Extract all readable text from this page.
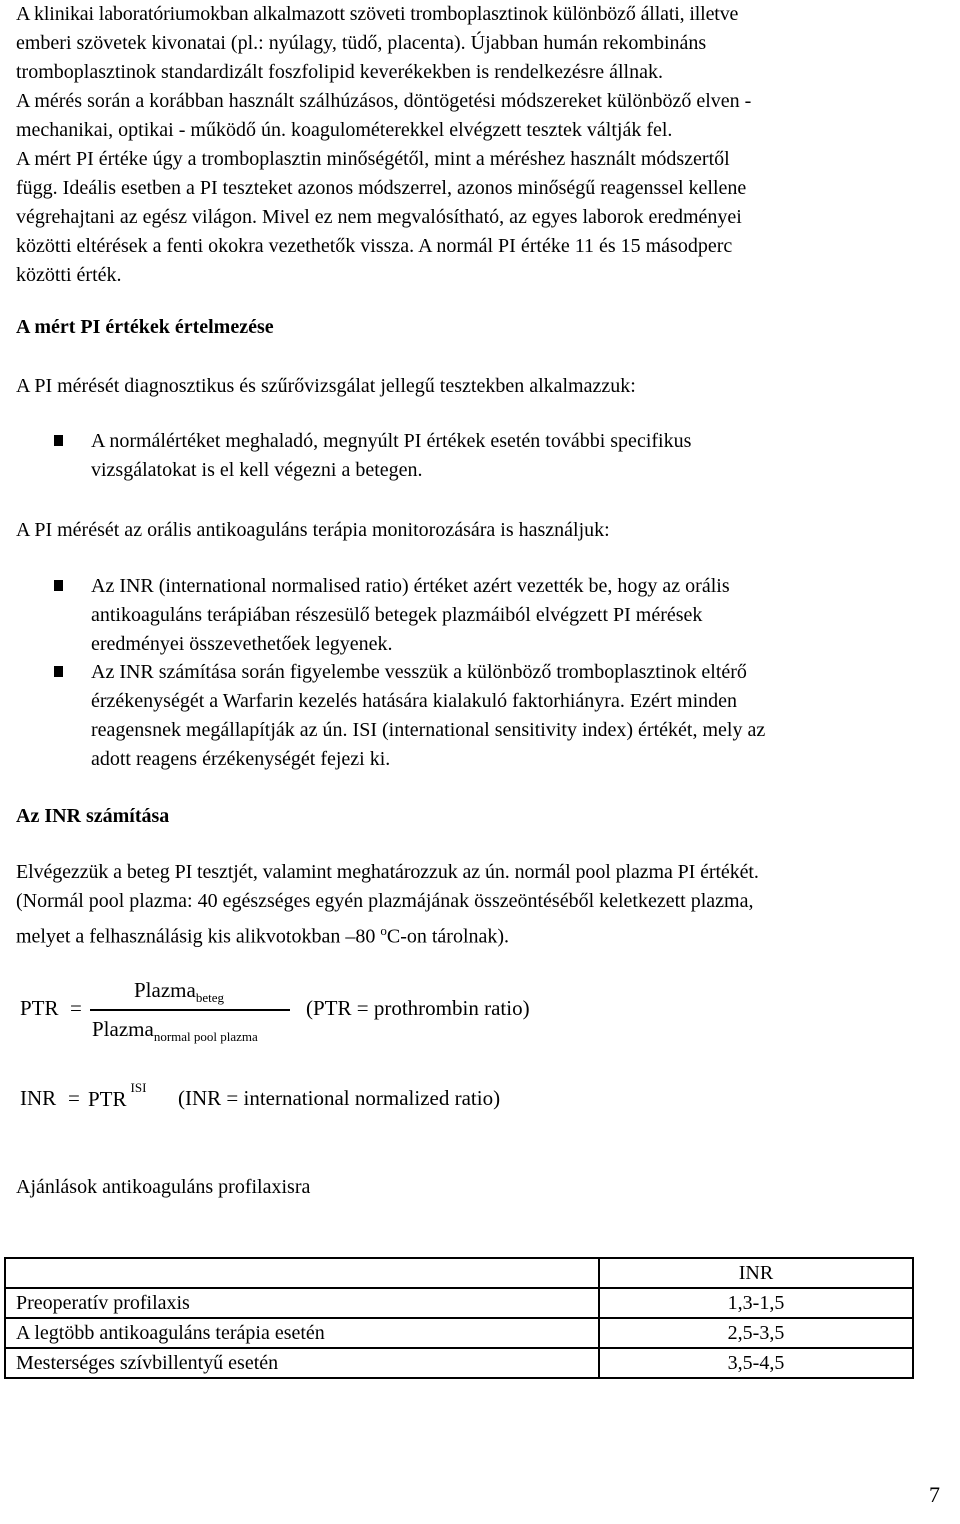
A klinikai laboratóriumokban alkalmazott szöveti tromboplasztinok különböző állati, illetve
emberi szövetek kivonatai (pl.: nyúlagy, tüdő, placenta). Újabban humán rekombináns
tromboplasztinok standardizált foszfolipid keverékekben is rendelkezésre állnak.
A mérés során a korábban használt szálhúzásos, döntögetési módszereket különböző elven -
mechanikai, optikai - működő ún. koagulométerekkel elvégzett tesztek váltják fel.
A mért PI értéke úgy a tromboplasztin minőségétől, mint a méréshez használt módszertől
függ. Ideális esetben a PI teszteket azonos módszerrel, azonos minőségű reagenssel kellene
végrehajtani az egész világon. Mivel ez nem megvalósítható, az egyes laborok eredményei
közötti eltérések a fenti okokra vezethetők vissza. A normál PI értéke 11 és 15 másodperc
közötti érték.
A mért PI értékek értelmezése
A PI mérését diagnosztikus és szűrővizsgálat jellegű tesztekben alkalmazzuk:
A normálértéket meghaladó, megnyúlt PI értékek esetén további specifikus
vizsgálatokat is el kell végezni a betegen.
A PI mérését az orális antikoaguláns terápia monitorozására is használjuk:
Az INR (international normalised ratio) értéket azért vezették be, hogy az orális
antikoaguláns terápiában részesülő betegek plazmáiból elvégzett PI mérések
eredményei összevethetőek legyenek.
Az INR számítása során figyelembe vesszük a különböző tromboplasztinok eltérő
érzékenységét a Warfarin kezelés hatására kialakuló faktorhiányra. Ezért minden
reagensnek megállapítják az ún. ISI (international sensitivity index) értékét, mely az
adott reagens érzékenységét fejezi ki.
Az INR számítása
Elvégezzük a beteg PI tesztjét, valamint meghatározzuk az ún. normál pool plazma PI értékét.
(Normál pool plazma: 40 egészséges egyén plazmájának összeöntéséből keletkezett plazma,
melyet a felhasználásig kis alikvotokban –80 $^o$C-on tárolnak).
PTR =
Plazma$_{beteg}$
Plazma$_{normal pool plazma}$
(PTR = prothrombin ratio)
INR = PTR $^{ISI}$ (INR = international normalized ratio)
Ajánlások antikoaguláns profilaxisra
	INR
Preoperatív profilaxis	1,3-1,5
A legtöbb antikoaguláns terápia esetén	2,5-3,5
Mesterséges szívbillentyű esetén	3,5-4,5
7
